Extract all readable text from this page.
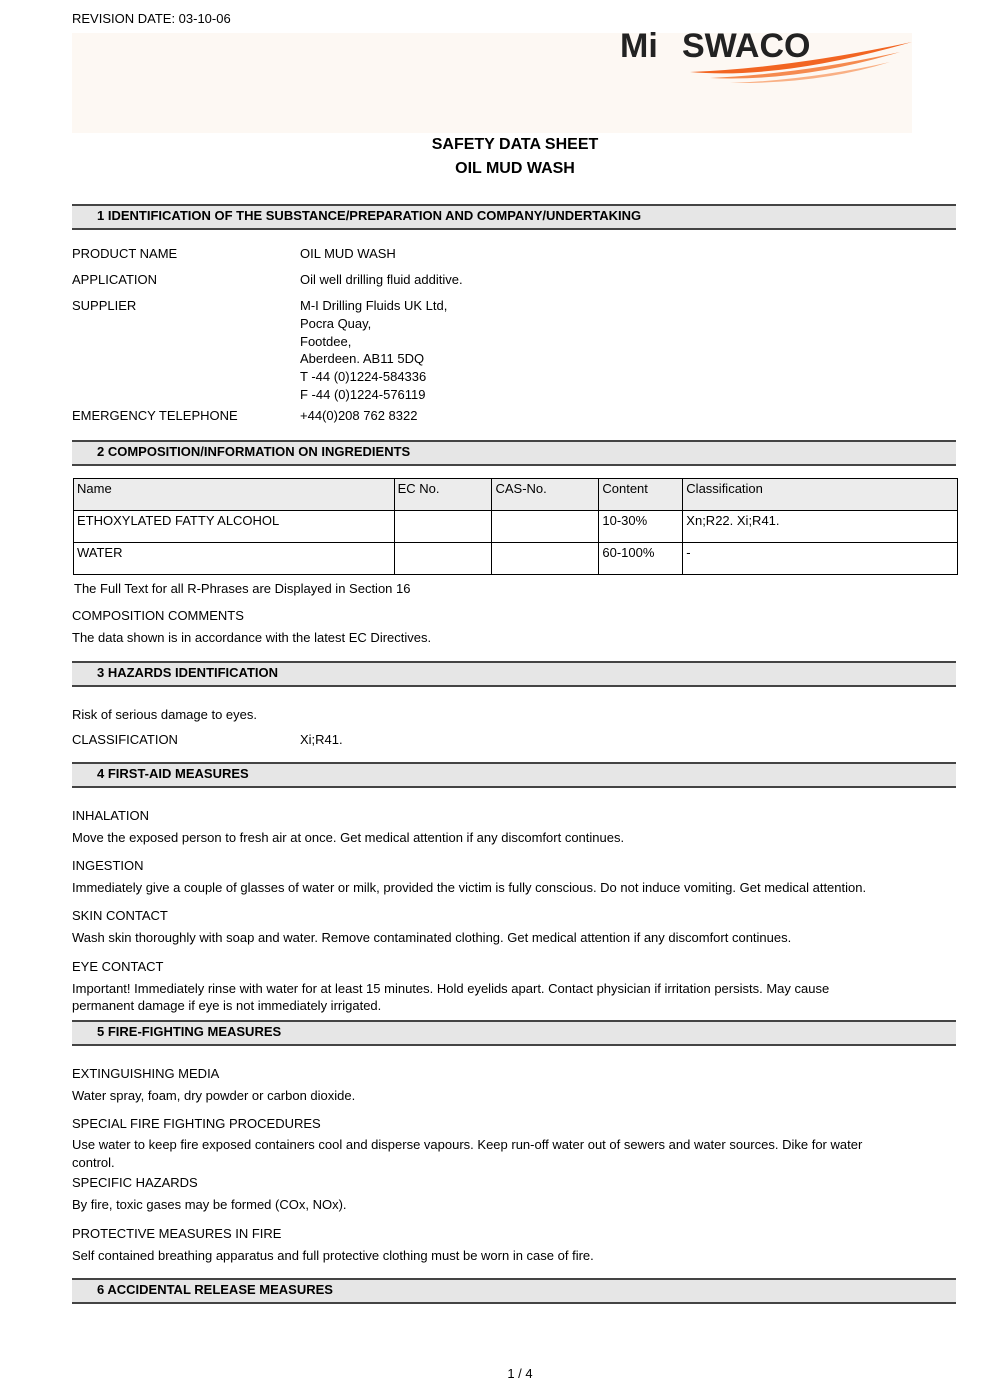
REVISION DATE: 03-10-06
Mi SWACO
SAFETY DATA SHEET
OIL MUD WASH
1 IDENTIFICATION OF THE SUBSTANCE/PREPARATION AND COMPANY/UNDERTAKING
PRODUCT NAME	OIL MUD WASH
APPLICATION	Oil well drilling fluid additive.
SUPPLIER	M-I Drilling Fluids UK Ltd,
Pocra Quay,
Footdee,
Aberdeen. AB11 5DQ
T -44 (0)1224-584336
F -44 (0)1224-576119
EMERGENCY TELEPHONE	+44(0)208 762 8322
2 COMPOSITION/INFORMATION ON INGREDIENTS
Name	EC No.	CAS-No.	Content	Classification
ETHOXYLATED FATTY ALCOHOL			10-30%	Xn;R22. Xi;R41.
WATER			60-100%	-
The Full Text for all R-Phrases are Displayed in Section 16
COMPOSITION COMMENTS
The data shown is in accordance with the latest EC Directives.
3 HAZARDS IDENTIFICATION
Risk of serious damage to eyes.
CLASSIFICATION	Xi;R41.
4 FIRST-AID MEASURES
INHALATION
Move the exposed person to fresh air at once. Get medical attention if any discomfort continues.
INGESTION
Immediately give a couple of glasses of water or milk, provided the victim is fully conscious. Do not induce vomiting. Get medical attention.
SKIN CONTACT
Wash skin thoroughly with soap and water. Remove contaminated clothing. Get medical attention if any discomfort continues.
EYE CONTACT
Important! Immediately rinse with water for at least 15 minutes. Hold eyelids apart. Contact physician if irritation persists. May cause
permanent damage if eye is not immediately irrigated.
5 FIRE-FIGHTING MEASURES
EXTINGUISHING MEDIA
Water spray, foam, dry powder or carbon dioxide.
SPECIAL FIRE FIGHTING PROCEDURES
Use water to keep fire exposed containers cool and disperse vapours. Keep run-off water out of sewers and water sources. Dike for water
control.
SPECIFIC HAZARDS
By fire, toxic gases may be formed (COx, NOx).
PROTECTIVE MEASURES IN FIRE
Self contained breathing apparatus and full protective clothing must be worn in case of fire.
6 ACCIDENTAL RELEASE MEASURES
1 / 4
